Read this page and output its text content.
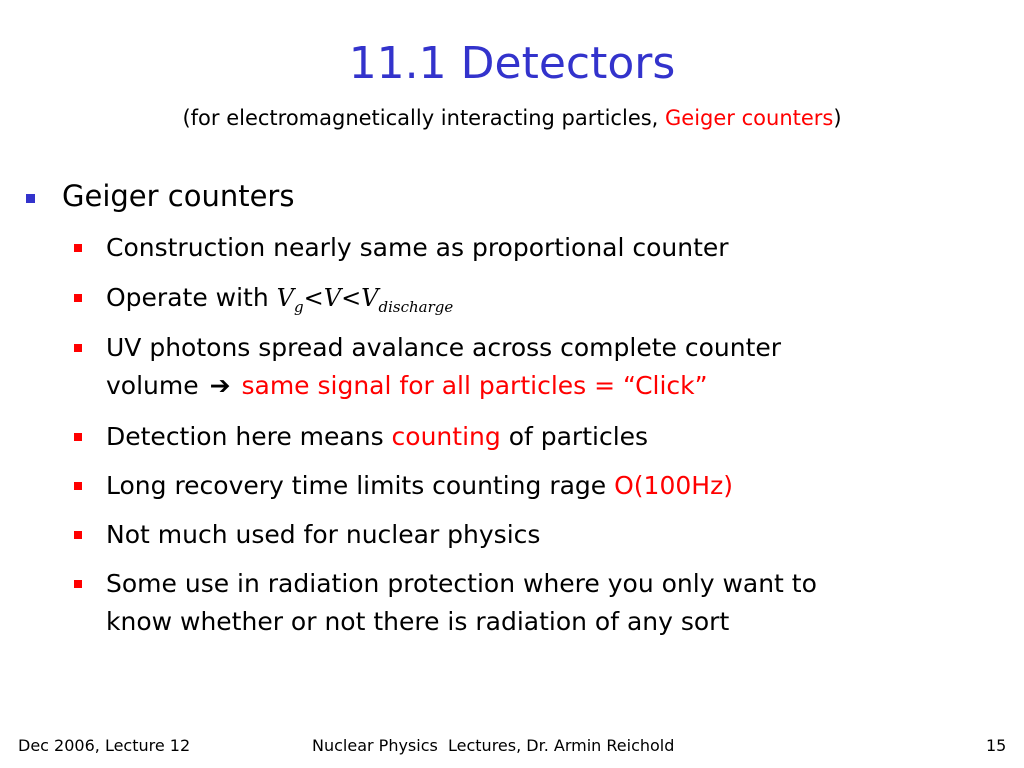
11.1 Detectors

(for electromagnetically interacting particles, Geiger counters)

Geiger counters
Construction nearly same as proportional counter
Operate with $V_g<V<V_{discharge}$
UV photons spread avalance across complete counter
volume ➔ same signal for all particles = “Click”
Detection here means counting of particles
Long recovery time limits counting rage O(100Hz)
Not much used for nuclear physics
Some use in radiation protection where you only want to
know whether or not there is radiation of any sort
Dec 2006, Lecture 12	Nuclear Physics  Lectures, Dr. Armin Reichold	15
